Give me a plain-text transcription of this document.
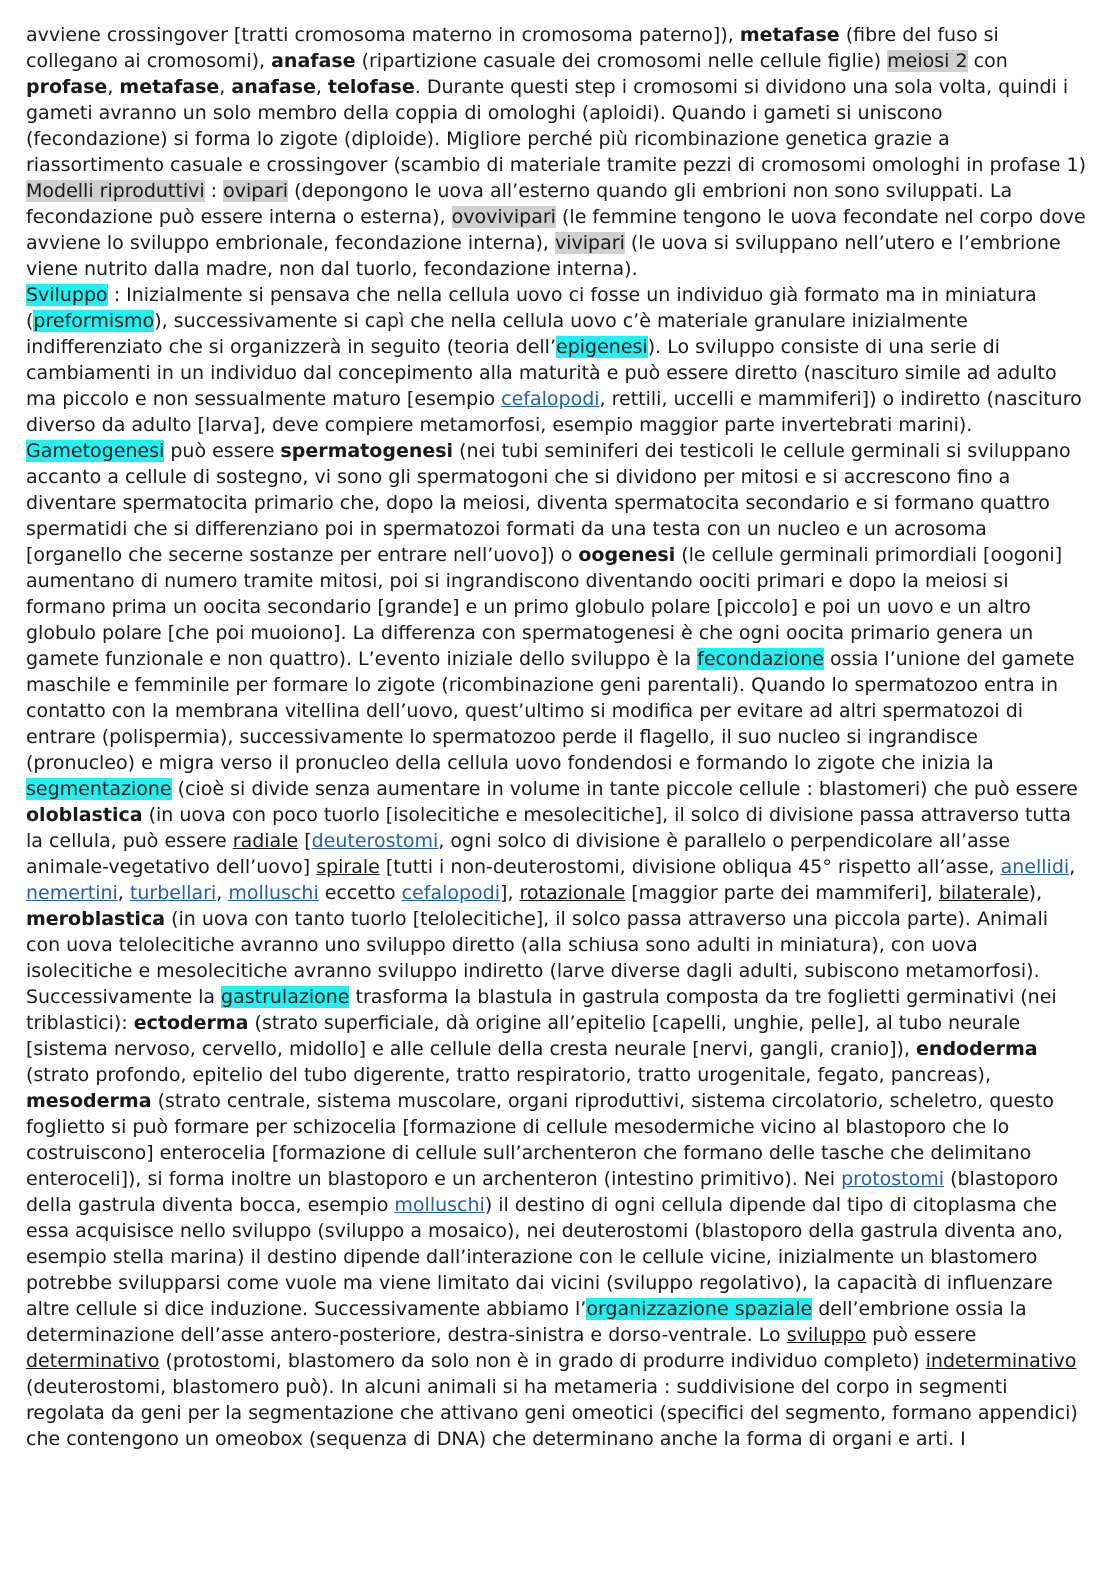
avviene crossingover [tratti cromosoma materno in cromosoma paterno]), metafase (fibre del fuso si collegano ai cromosomi), anafase (ripartizione casuale dei cromosomi nelle cellule figlie) meiosi 2 con profase, metafase, anafase, telofase. Durante questi step i cromosomi si dividono una sola volta, quindi i gameti avranno un solo membro della coppia di omologhi (aploidi). Quando i gameti si uniscono (fecondazione) si forma lo zigote (diploide). Migliore perché più ricombinazione genetica grazie a riassortimento casuale e crossingover (scambio di materiale tramite pezzi di cromosomi omologhi in profase 1)

Modelli riproduttivi : ovipari (depongono le uova all’esterno quando gli embrioni non sono sviluppati. La fecondazione può essere interna o esterna), ovovivipari (le femmine tengono le uova fecondate nel corpo dove avviene lo sviluppo embrionale, fecondazione interna), vivipari (le uova si sviluppano nell’utero e l’embrione viene nutrito dalla madre, non dal tuorlo, fecondazione interna).

Sviluppo : Inizialmente si pensava che nella cellula uovo ci fosse un individuo già formato ma in miniatura (preformismo), successivamente si capì che nella cellula uovo c’è materiale granulare inizialmente indifferenziato che si organizzerà in seguito (teoria dell’epigenesi). Lo sviluppo consiste di una serie di cambiamenti in un individuo dal concepimento alla maturità e può essere diretto (nascituro simile ad adulto ma piccolo e non sessualmente maturo [esempio cefalopodi, rettili, uccelli e mammiferi]) o indiretto (nascituro diverso da adulto [larva], deve compiere metamorfosi, esempio maggior parte invertebrati marini). Gametogenesi può essere spermatogenesi (nei tubi seminiferi dei testicoli le cellule germinali si sviluppano accanto a cellule di sostegno, vi sono gli spermatogoni che si dividono per mitosi e si accrescono fino a diventare spermatocita primario che, dopo la meiosi, diventa spermatocita secondario e si formano quattro spermatidi che si differenziano poi in spermatozoi formati da una testa con un nucleo e un acrosoma [organello che secerne sostanze per entrare nell’uovo]) o oogenesi (le cellule germinali primordiali [oogoni] aumentano di numero tramite mitosi, poi si ingrandiscono diventando oociti primari e dopo la meiosi si formano prima un oocita secondario [grande] e un primo globulo polare [piccolo] e poi un uovo e un altro globulo polare [che poi muoiono]. La differenza con spermatogenesi è che ogni oocita primario genera un gamete funzionale e non quattro). L’evento iniziale dello sviluppo è la fecondazione ossia l’unione del gamete maschile e femminile per formare lo zigote (ricombinazione geni parentali). Quando lo spermatozoo entra in contatto con la membrana vitellina dell’uovo, quest’ultimo si modifica per evitare ad altri spermatozoi di entrare (polispermia), successivamente lo spermatozoo perde il flagello, il suo nucleo si ingrandisce (pronucleo) e migra verso il pronucleo della cellula uovo fondendosi e formando lo zigote che inizia la segmentazione (cioè si divide senza aumentare in volume in tante piccole cellule : blastomeri) che può essere oloblastica (in uova con poco tuorlo [isolecitiche e mesolecitiche], il solco di divisione passa attraverso tutta la cellula, può essere radiale [deuterostomi, ogni solco di divisione è parallelo o perpendicolare all’asse animale-vegetativo dell’uovo] spirale [tutti i non-deuterostomi, divisione obliqua 45° rispetto all’asse, anellidi, nemertini, turbellari, molluschi eccetto cefalopodi], rotazionale [maggior parte dei mammiferi], bilaterale), meroblastica (in uova con tanto tuorlo [telolecitiche], il solco passa attraverso una piccola parte). Animali con uova telolecitiche avranno uno sviluppo diretto (alla schiusa sono adulti in miniatura), con uova isolecitiche e mesolecitiche avranno sviluppo indiretto (larve diverse dagli adulti, subiscono metamorfosi). Successivamente la gastrulazione trasforma la blastula in gastrula composta da tre foglietti germinativi (nei triblastici): ectoderma (strato superficiale, dà origine all’epitelio [capelli, unghie, pelle], al tubo neurale [sistema nervoso, cervello, midollo] e alle cellule della cresta neurale [nervi, gangli, cranio]), endoderma (strato profondo, epitelio del tubo digerente, tratto respiratorio, tratto urogenitale, fegato, pancreas), mesoderma (strato centrale, sistema muscolare, organi riproduttivi, sistema circolatorio, scheletro, questo foglietto si può formare per schizocelia [formazione di cellule mesodermiche vicino al blastoporo che lo costruiscono] enterocelia [formazione di cellule sull’archenteron che formano delle tasche che delimitano enteroceli]), si forma inoltre un blastoporo e un archenteron (intestino primitivo). Nei protostomi (blastoporo della gastrula diventa bocca, esempio molluschi) il destino di ogni cellula dipende dal tipo di citoplasma che essa acquisisce nello sviluppo (sviluppo a mosaico), nei deuterostomi (blastoporo della gastrula diventa ano, esempio stella marina) il destino dipende dall’interazione con le cellule vicine, inizialmente un blastomero potrebbe svilupparsi come vuole ma viene limitato dai vicini (sviluppo regolativo), la capacità di influenzare altre cellule si dice induzione. Successivamente abbiamo l’organizzazione spaziale dell’embrione ossia la determinazione dell’asse antero-posteriore, destra-sinistra e dorso-ventrale. Lo sviluppo può essere determinativo (protostomi, blastomero da solo non è in grado di produrre individuo completo) indeterminativo (deuterostomi, blastomero può). In alcuni animali si ha metameria : suddivisione del corpo in segmenti regolata da geni per la segmentazione che attivano geni omeotici (specifici del segmento, formano appendici) che contengono un omeobox (sequenza di DNA) che determinano anche la forma di organi e arti. I
